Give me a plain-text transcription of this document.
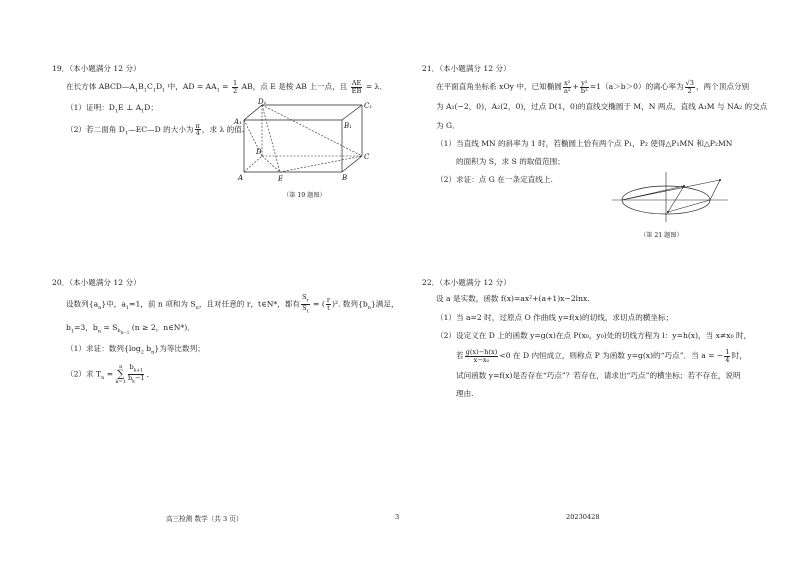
19．（本小题满分 12 分）
在长方体 $ABCD—A_1B_1C_1D_1$ 中，AD = $AA_1 = \frac{1}{2}$ AB，点 E 是棱 AB 上一点，且 $\frac{AE}{EB} = \lambda$．
（1）证明：$D_1E$ ⊥ $A_1D$；
（2）若二面角 $D_1—EC—D$ 的大小为 $\frac{\pi}{4}$ ，求 λ 的值.
D₁	C₁
A₁	B₁
D
C
A	E	B
（第 19 题图）
20．（本小题满分 12 分）
设数列$\{a_n\}$中，$a_1=1$，前 n 项和为 $S_n$，且对任意的 r，t∈N*，都有 $\frac{S_r}{S_t}$ = ( $\frac{r}{t} )^2$. 数列$\{b_n\}$满足，
$b_1=3$，$b_n = S_{b_{n-1}}$ (n ≥ 2，n∈N*)．
（1）求证：数列{$\log_2$ $b_n$}为等比数列；
（2）求 $T_n$ =
n
∑
$k=1 \frac{b_{k+1}}{b_k-1}$ ．
21．（本小题满分 12 分）
在平面直角坐标系 xOy 中，已知椭圆 $\frac{\text{x²}}{\text{a²}} + \frac{\text{y²}}{\text{b²}} =1(a>b>0)$的离心率为 $\frac{√3}{2}$ ，两个顶点分别
为 A₁(−2，0)，A₂(2，0)，过点 D(1，0)的直线交椭圆于 M，N 两点，直线 A₁M 与 NA₂ 的交点
为 G．
（1）当直线 MN 的斜率为 1 时，若椭圆上恰有两个点 P₁，P₂ 使得△P₁MN 和△P₂MN
的面积为 S，求 S 的取值范围；
（2）求证：点 G 在一条定直线上.
（第 21 题图）
22．（本小题满分 12 分）
设 a 是实数，函数 f(x)=ax²+(a+1)x−2lnx.
（1）当 a=2 时，过原点 O 作曲线 y=f(x)的切线，求切点的横坐标；
（2）设定义在 D 上的函数 y=g(x)在点 P(x₀，y₀)处的切线方程为 l：y=h(x)，当 x≠x₀ 时，
若 $\frac{g(x)-h(x)}{\text{x−x₀}} <0$ 在 D 内恒成立，则称点 P 为函数 y=g(x)的“巧点”．当 a = − $\frac{1}{4}$ 时，
试问函数 y=f(x)是否存在“巧点”？若存在，请求出“巧点”的横坐标；若不存在，说明
理由.
高三检测 数学（共 3 页）	3	20230428
